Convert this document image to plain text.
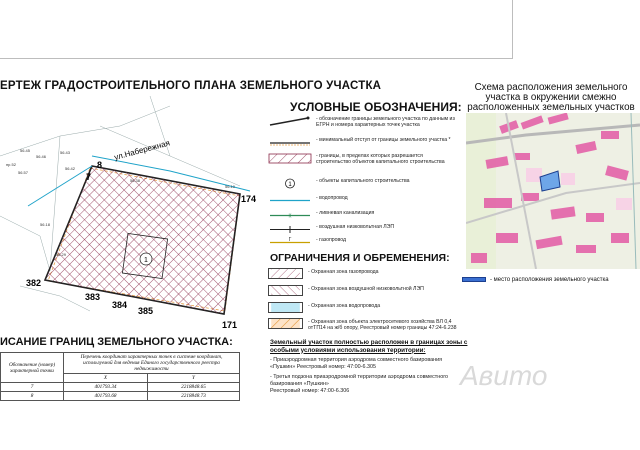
ЕРТЕЖ ГРАДОСТРОИТЕЛЬНОГО ПЛАНА ЗЕМЕЛЬНОГО УЧАСТКА
1
ул.Набережная
7
8
174
171
382
383
384
385
56.45
56.46
56.57
56.43
56.42
56.38
56.10
56.18
56.29
пр.52
УСЛОВНЫЕ ОБОЗНАЧЕНИЯ:
- обозначение границы земельного участка по данным из ЕГРН и номера характерных точек участка
- минимальный отступ от границы земельного участка *
- границы, в пределах которых разрешается строительство объектов капитального строительства
1
- объекты капитального строительства
- водопровод
К
- ливневая канализация
- воздушная низковольтная ЛЭП
Г	- газопровод
ОГРАНИЧЕНИЯ И ОБРЕМЕНЕНИЯ:
- Охранная зона газопровода
- Охранная зона воздушной низковольтной ЛЭП
- Охранная зона водопровода
- Охранная зона объекта электросетевого хозяйства ВЛ 0,4 отТП14 на ж/б опору, Реестровый номер границы 47:24-6.238
Земельный участок полностью расположен в границах зоны с особыми условиями использования территории:
- Приаэродромная территория аэродрома совместного базирования
«Пушкин» Реестровый номер: 47:00-6.305
- Третья подзона приаэродромной территории аэродрома совместного
базирования «Пушкин»
Реестровый номер: 47:00-6.306
Схема расположения земельного участка в окружении смежно расположенных земельных участков
- место расположения земельного участка
ИСАНИЕ ГРАНИЦ ЗЕМЕЛЬНОГО УЧАСТКА:
Обозначение (номер) характерной точки	Перечень координат характерных точек в системе координат, используемой для ведения Единого государственного реестра недвижимости	
	X	Y
7	401793.34	2218848.65
8	401793.68	2218848.73
Авито
